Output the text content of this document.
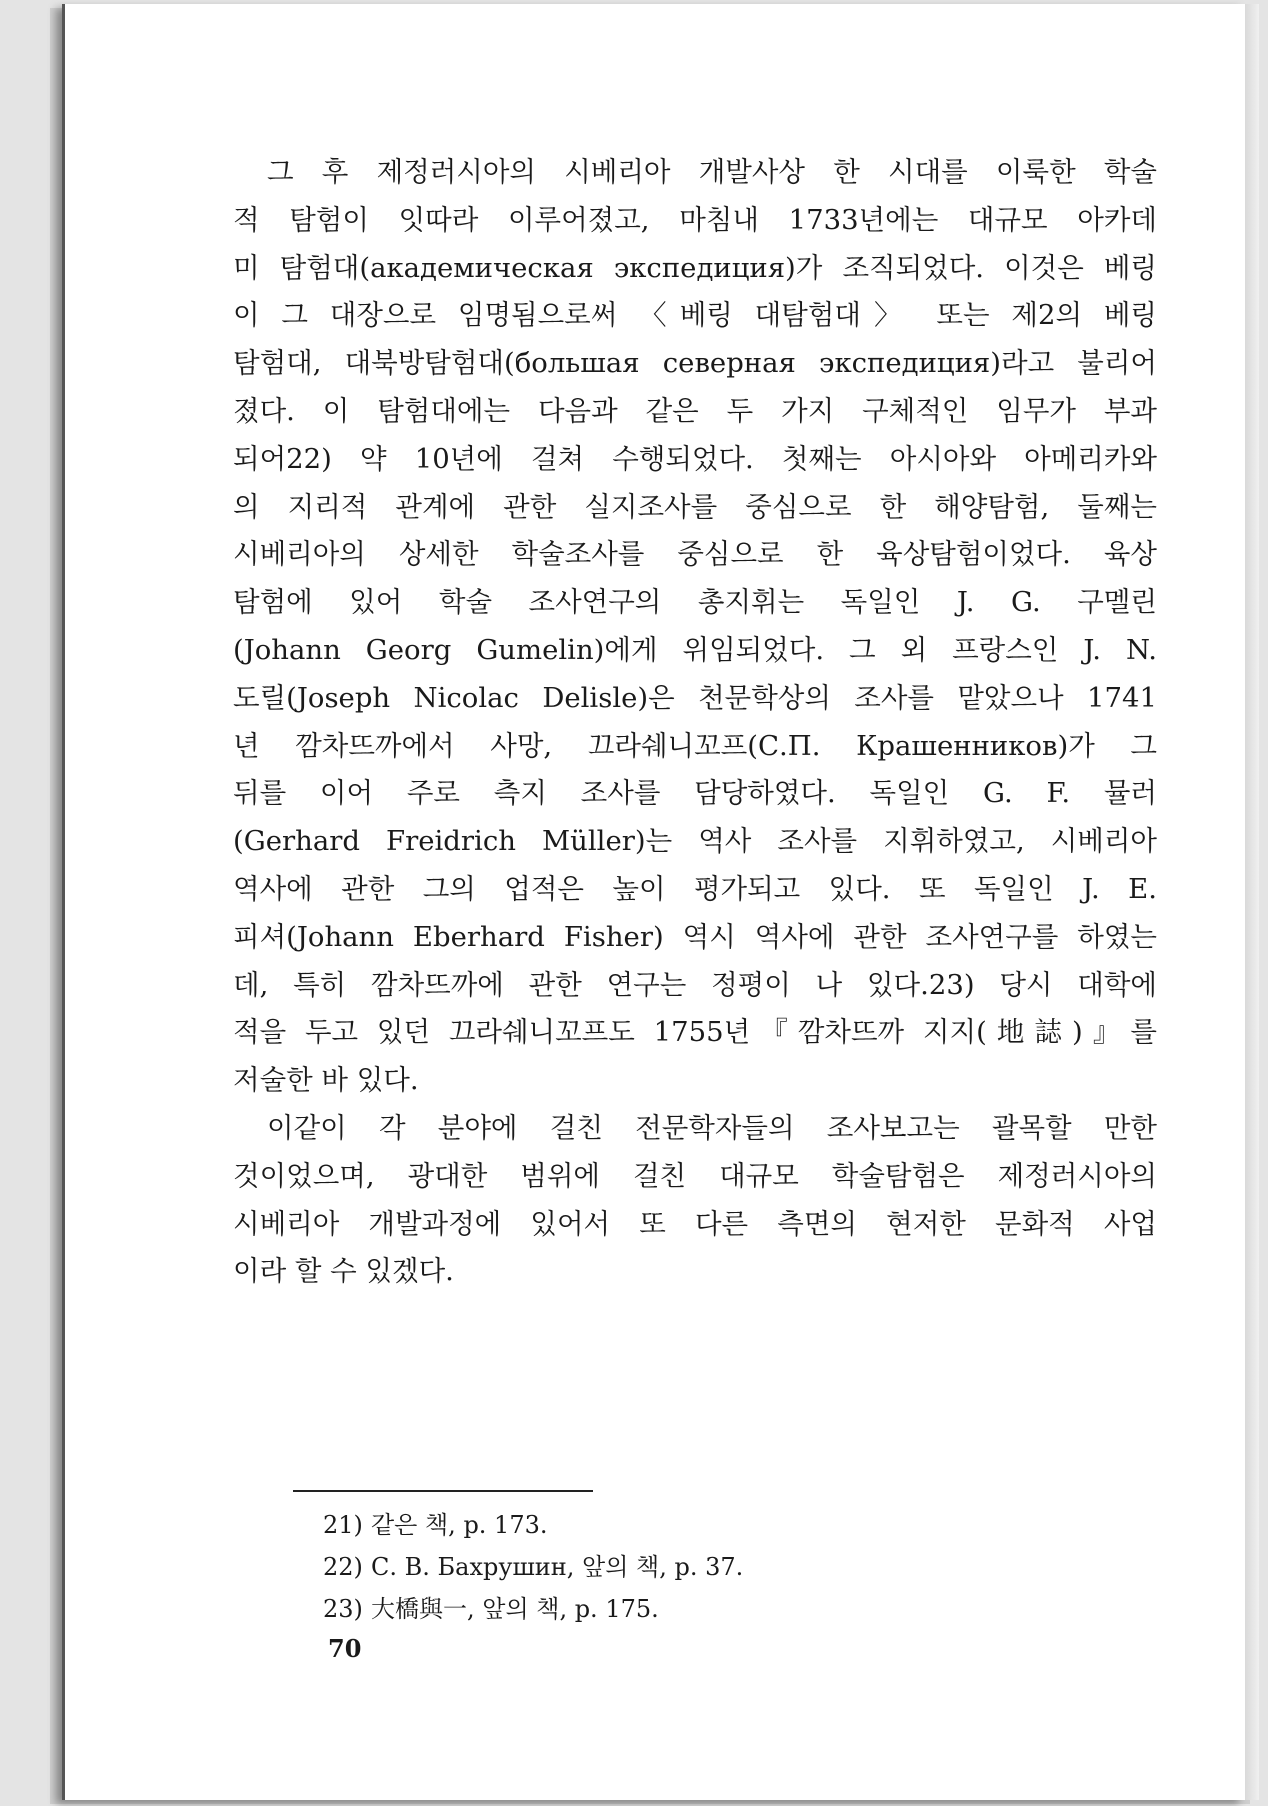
그 후 제정러시아의 시베리아 개발사상 한 시대를 이룩한 학술
적 탐험이 잇따라 이루어졌고, 마침내 1733년에는 대규모 아카데
미 탐험대(академическая экспедиция)가 조직되었다. 이것은 베링
이 그 대장으로 임명됨으로써 〈베링 대탐험대〉 또는 제2의 베링
탐험대, 대북방탐험대(большая северная экспедиция)라고 불리어
졌다. 이 탐험대에는 다음과 같은 두 가지 구체적인 임무가 부과
되어22) 약 10년에 걸쳐 수행되었다. 첫째는 아시아와 아메리카와
의 지리적 관계에 관한 실지조사를 중심으로 한 해양탐험, 둘째는
시베리아의 상세한 학술조사를 중심으로 한 육상탐험이었다. 육상
탐험에 있어 학술 조사연구의 총지휘는 독일인 J. G. 구멜린
(Johann Georg Gumelin)에게 위임되었다. 그 외 프랑스인 J. N.
도릴(Joseph Nicolac Delisle)은 천문학상의 조사를 맡았으나 1741
년 깜차뜨까에서 사망, 끄라쉐니꼬프(С.П. Крашенников)가 그
뒤를 이어 주로 측지 조사를 담당하였다. 독일인 G. F. 뮬러
(Gerhard Freidrich Müller)는 역사 조사를 지휘하였고, 시베리아
역사에 관한 그의 업적은 높이 평가되고 있다. 또 독일인 J. E.
피셔(Johann Eberhard Fisher) 역시 역사에 관한 조사연구를 하였는
데, 특히 깜차뜨까에 관한 연구는 정평이 나 있다.23) 당시 대학에
적을 두고 있던 끄라쉐니꼬프도 1755년『깜차뜨까 지지(地誌)』를
저술한 바 있다.
이같이 각 분야에 걸친 전문학자들의 조사보고는 괄목할 만한
것이었으며, 광대한 범위에 걸친 대규모 학술탐험은 제정러시아의
시베리아 개발과정에 있어서 또 다른 측면의 현저한 문화적 사업
이라 할 수 있겠다.
21) 같은 책, p. 173.
22) С. В. Бахрушин, 앞의 책, p. 37.
23) 大橋與一, 앞의 책, p. 175.
70
